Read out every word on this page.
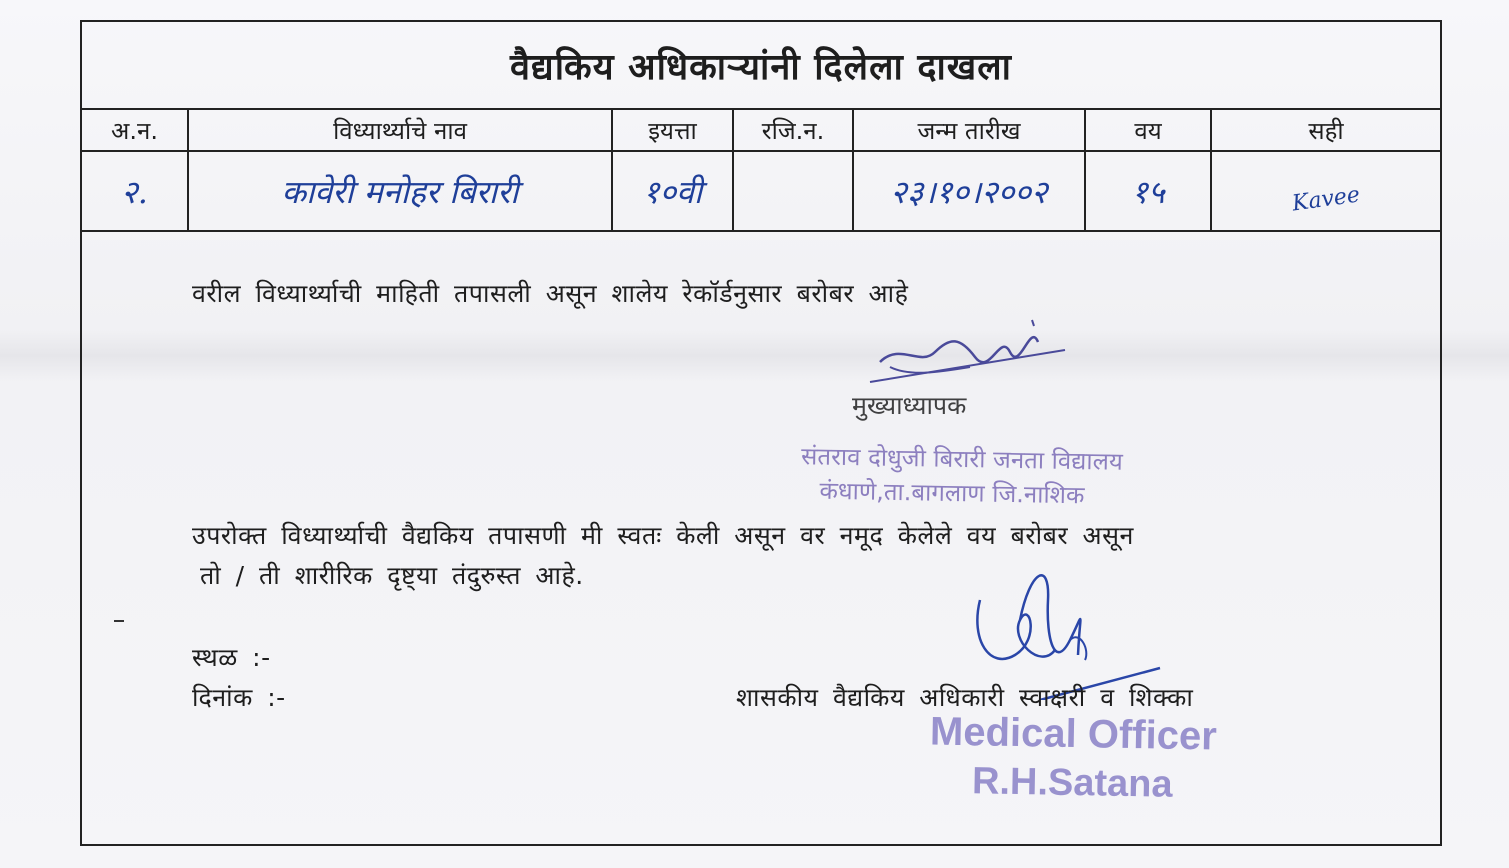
वैद्यकिय अधिकाऱ्यांनी दिलेला दाखला
अ.न.	विध्यार्थ्याचे नाव	इयत्ता	रजि.न.	जन्म तारीख	वय	सही
२.	कावेरी मनोहर बिरारी	१०वी		२३।१०।२००२	१५	Kavee
वरील विध्यार्थ्याची माहिती तपासली असून शालेय रेकॉर्डनुसार बरोबर आहे
मुख्याध्यापक
संतराव दोधुजी बिरारी जनता विद्यालय
कंधाणे,ता.बागलाण जि.नाशिक
उपरोक्त विध्यार्थ्याची वैद्यकिय तपासणी मी स्वतः केली असून वर नमूद केलेले वय बरोबर असून
तो / ती शारीरिक दृष्ट्या तंदुरुस्त आहे.
स्थळ :-
दिनांक :-	शासकीय वैद्यकिय अधिकारी स्वाक्षरी व शिक्का
Medical Officer
R.H.Satana
